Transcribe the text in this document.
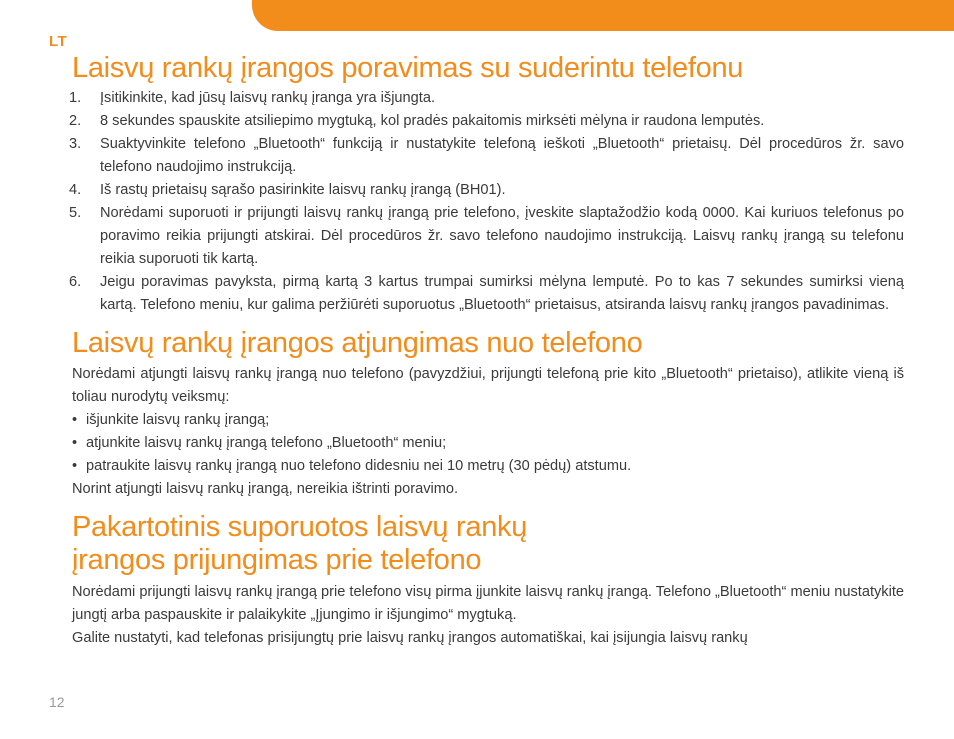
LT
Laisvų rankų įrangos poravimas su suderintu telefonu
1. Įsitikinkite, kad jūsų laisvų rankų įranga yra išjungta.
2. 8 sekundes spauskite atsiliepimo mygtuką, kol pradės pakaitomis mirksėti mėlyna ir raudona lemputės.
3. Suaktyvinkite telefono „Bluetooth“ funkciją ir nustatykite telefoną ieškoti „Bluetooth“ prietaisų. Dėl procedūros žr. savo telefono naudojimo instrukciją.
4. Iš rastų prietaisų sąrašo pasirinkite laisvų rankų įrangą (BH01).
5. Norėdami suporuoti ir prijungti laisvų rankų įrangą prie telefono, įveskite slaptažodžio kodą 0000. Kai kuriuos telefonus po poravimo reikia prijungti atskirai. Dėl procedūros žr. savo telefono naudojimo instrukciją. Laisvų rankų įrangą su telefonu reikia suporuoti tik kartą.
6. Jeigu poravimas pavyksta, pirmą kartą 3 kartus trumpai sumirksi mėlyna lemputė. Po to kas 7 sekundes sumirksi vieną kartą. Telefono meniu, kur galima peržiūrėti suporuotus „Bluetooth“ prietaisus, atsiranda laisvų rankų įrangos pavadinimas.
Laisvų rankų įrangos atjungimas nuo telefono

Norėdami atjungti laisvų rankų įrangą nuo telefono (pavyzdžiui, prijungti telefoną prie kito „Bluetooth“ prietaiso), atlikite vieną iš toliau nurodytų veiksmų:

• išjunkite laisvų rankų įrangą;
• atjunkite laisvų rankų įrangą telefono „Bluetooth“ meniu;
• patraukite laisvų rankų įrangą nuo telefono didesniu nei 10 metrų (30 pėdų) atstumu.

Norint atjungti laisvų rankų įrangą, nereikia ištrinti poravimo.

Pakartotinis suporuotos laisvų rankų
įrangos prijungimas prie telefono

Norėdami prijungti laisvų rankų įrangą prie telefono visų pirma įjunkite laisvų rankų įrangą. Telefono „Bluetooth“ meniu nustatykite jungtį arba paspauskite ir palaikykite „Įjungimo ir išjungimo“ mygtuką.

Galite nustatyti, kad telefonas prisijungtų prie laisvų rankų įrangos automatiškai, kai įsijungia laisvų rankų

12
